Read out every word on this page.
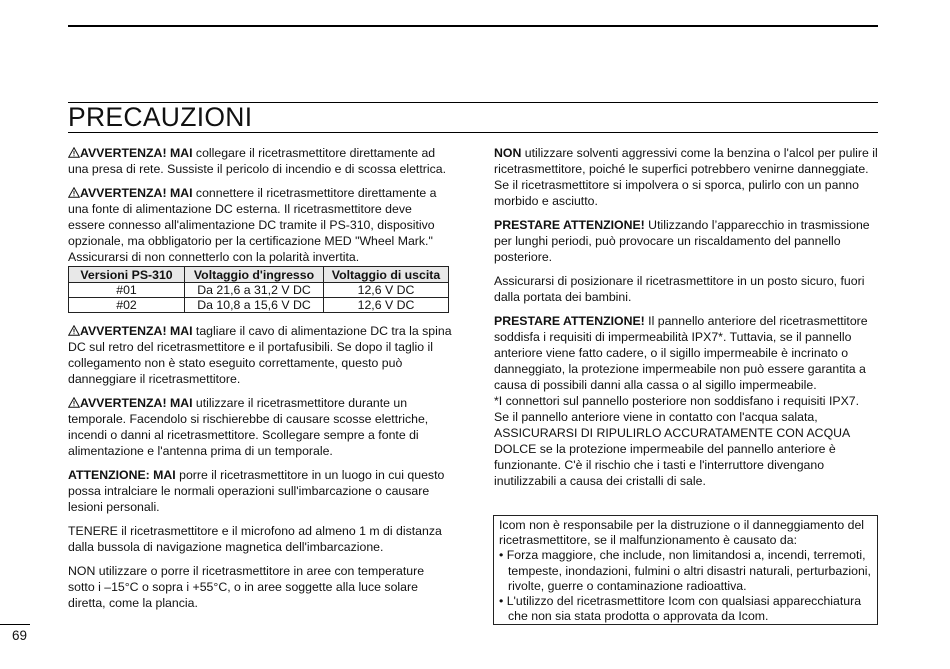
PRECAUZIONI

AVVERTENZA! MAI collegare il ricetrasmettitore direttamente ad una presa di rete. Sussiste il pericolo di incendio e di scossa elettrica.

AVVERTENZA! MAI connettere il ricetrasmettitore direttamente a una fonte di alimentazione DC esterna. Il ricetrasmettitore deve essere connesso all'alimentazione DC tramite il PS-310, dispositivo opzionale, ma obbligatorio per la certificazione MED "Wheel Mark." Assicurarsi di non connetterlo con la polarità invertita.

Versioni PS-310	Voltaggio d'ingresso	Voltaggio di uscita
#01	Da 21,6 a 31,2 V DC	12,6 V DC
#02	Da 10,8 a 15,6 V DC	12,6 V DC

AVVERTENZA! MAI tagliare il cavo di alimentazione DC tra la spina DC sul retro del ricetrasmettitore e il portafusibili. Se dopo il taglio il collegamento non è stato eseguito correttamente, questo può danneggiare il ricetrasmettitore.

AVVERTENZA! MAI utilizzare il ricetrasmettitore durante un temporale. Facendolo si rischierebbe di causare scosse elettriche, incendi o danni al ricetrasmettitore. Scollegare sempre a fonte di alimentazione e l'antenna prima di un temporale.

ATTENZIONE: MAI porre il ricetrasmettitore in un luogo in cui questo possa intralciare le normali operazioni sull'imbarcazione o causare lesioni personali.

TENERE il ricetrasmettitore e il microfono ad almeno 1 m di distanza dalla bussola di navigazione magnetica dell'imbarcazione.

NON utilizzare o porre il ricetrasmettitore in aree con temperature sotto i –15°C o sopra i +55°C, o in aree soggette alla luce solare diretta, come la plancia.

NON utilizzare solventi aggressivi come la benzina o l'alcol per pulire il ricetrasmettitore, poiché le superfici potrebbero venirne danneggiate. Se il ricetrasmettitore si impolvera o si sporca, pulirlo con un panno morbido e asciutto.

PRESTARE ATTENZIONE! Utilizzando l’apparecchio in trasmissione per lunghi periodi, può provocare un riscaldamento del pannello posteriore.

Assicurarsi di posizionare il ricetrasmettitore in un posto sicuro, fuori dalla portata dei bambini.

PRESTARE ATTENZIONE! Il pannello anteriore del ricetrasmettitore soddisfa i requisiti di impermeabilità IPX7*. Tuttavia, se il pannello anteriore viene fatto cadere, o il sigillo impermeabile è incrinato o danneggiato, la protezione impermeabile non può essere garantita a causa di possibili danni alla cassa o al sigillo impermeabile.

*I connettori sul pannello posteriore non soddisfano i requisiti IPX7.

Se il pannello anteriore viene in contatto con l'acqua salata, ASSICURARSI DI RIPULIRLO ACCURATAMENTE CON ACQUA DOLCE se la protezione impermeabile del pannello anteriore è funzionante. C'è il rischio che i tasti e l'interruttore divengano inutilizzabili a causa dei cristalli di sale.

Icom non è responsabile per la distruzione o il danneggiamento del ricetrasmettitore, se il malfunzionamento è causato da:

• Forza maggiore, che include, non limitandosi a, incendi, terremoti, tempeste, inondazioni, fulmini o altri disastri naturali, perturbazioni, rivolte, guerre o contaminazione radioattiva.

• L'utilizzo del ricetrasmettitore Icom con qualsiasi apparecchiatura che non sia stata prodotta o approvata da Icom.

69
